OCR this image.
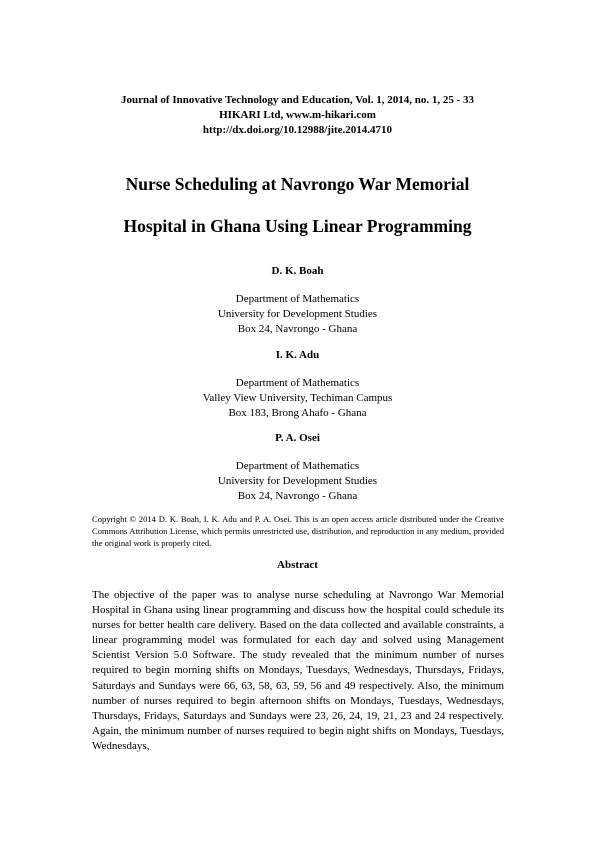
Journal of Innovative Technology and Education, Vol. 1, 2014, no. 1, 25 - 33
HIKARI Ltd, www.m-hikari.com
http://dx.doi.org/10.12988/jite.2014.4710
Nurse Scheduling at Navrongo War Memorial
Hospital in Ghana Using Linear Programming
D. K. Boah
Department of Mathematics
University for Development Studies
Box 24, Navrongo - Ghana
I. K. Adu
Department of Mathematics
Valley View University, Techiman Campus
Box 183, Brong Ahafo - Ghana
P. A. Osei
Department of Mathematics
University for Development Studies
Box 24, Navrongo - Ghana
Copyright © 2014 D. K. Boah, I. K. Adu and P. A. Osei. This is an open access article distributed under the Creative Commons Attribution License, which permits unrestricted use, distribution, and reproduction in any medium, provided the original work is properly cited.
Abstract
The objective of the paper was to analyse nurse scheduling at Navrongo War Memorial Hospital in Ghana using linear programming and discuss how the hospital could schedule its nurses for better health care delivery. Based on the data collected and available constraints, a linear programming model was formulated for each day and solved using Management Scientist Version 5.0 Software. The study revealed that the minimum number of nurses required to begin morning shifts on Mondays, Tuesdays, Wednesdays, Thursdays, Fridays, Saturdays and Sundays were 66, 63, 58, 63, 59, 56 and 49 respectively. Also, the minimum number of nurses required to begin afternoon shifts on Mondays, Tuesdays, Wednesdays, Thursdays, Fridays, Saturdays and Sundays were 23, 26, 24, 19, 21, 23 and 24 respectively. Again, the minimum number of nurses required to begin night shifts on Mondays, Tuesdays, Wednesdays,
